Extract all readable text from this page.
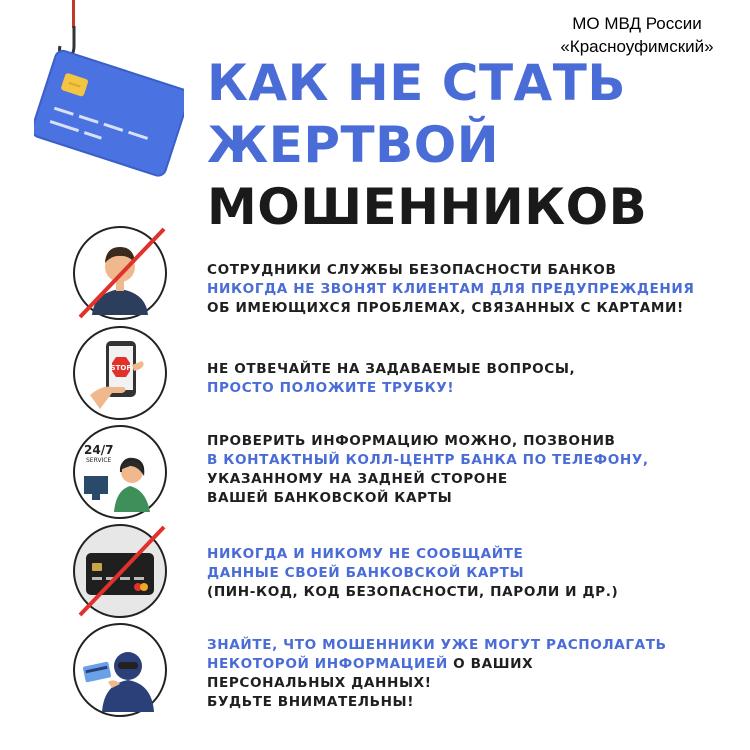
МО МВД России
«Красноуфимский»
КАК НЕ СТАТЬ
ЖЕРТВОЙ
МОШЕННИКОВ
СОТРУДНИКИ СЛУЖБЫ БЕЗОПАСНОСТИ БАНКОВ
НИКОГДА НЕ ЗВОНЯТ КЛИЕНТАМ ДЛЯ ПРЕДУПРЕЖДЕНИЯ
ОБ ИМЕЮЩИХСЯ ПРОБЛЕМАХ, СВЯЗАННЫХ С КАРТАМИ!
STOP	НЕ ОТВЕЧАЙТЕ НА ЗАДАВАЕМЫЕ ВОПРОСЫ,
ПРОСТО ПОЛОЖИТЕ ТРУБКУ!
24/7
SERVICE
ПРОВЕРИТЬ ИНФОРМАЦИЮ МОЖНО, ПОЗВОНИВ
В КОНТАКТНЫЙ КОЛЛ-ЦЕНТР БАНКА ПО ТЕЛЕФОНУ,
УКАЗАННОМУ НА ЗАДНЕЙ СТОРОНЕ
ВАШЕЙ БАНКОВСКОЙ КАРТЫ
НИКОГДА И НИКОМУ НЕ СООБЩАЙТЕ
ДАННЫЕ СВОЕЙ БАНКОВСКОЙ КАРТЫ
(ПИН-КОД, КОД БЕЗОПАСНОСТИ, ПАРОЛИ И ДР.)
ЗНАЙТЕ, ЧТО МОШЕННИКИ УЖЕ МОГУТ РАСПОЛАГАТЬ
НЕКОТОРОЙ ИНФОРМАЦИЕЙ О ВАШИХ
ПЕРСОНАЛЬНЫХ ДАННЫХ!
БУДЬТЕ ВНИМАТЕЛЬНЫ!
